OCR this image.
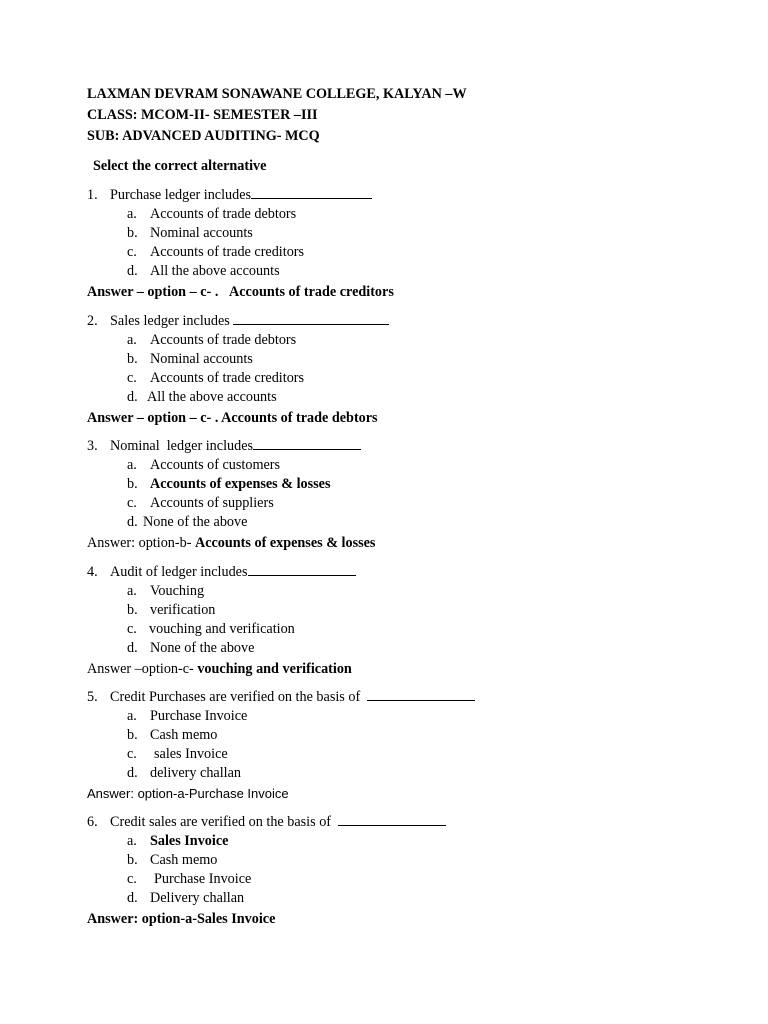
LAXMAN DEVRAM SONAWANE COLLEGE, KALYAN –W
CLASS: MCOM-II- SEMESTER –III
SUB: ADVANCED AUDITING- MCQ
Select the correct alternative
1. Purchase ledger includes
a. Accounts of trade debtors
b. Nominal accounts
c. Accounts of trade creditors
d. All the above accounts
Answer – option – c- . Accounts of trade creditors
2. Sales ledger includes
a. Accounts of trade debtors
b. Nominal accounts
c. Accounts of trade creditors
d. All the above accounts
Answer – option – c- . Accounts of trade debtors
3. Nominal  ledger includes
a. Accounts of customers
b. Accounts of expenses & losses
c. Accounts of suppliers
d. None of the above
Answer: option-b- Accounts of expenses & losses
4. Audit of ledger includes
a. Vouching
b. verification
c. vouching and verification
d. None of the above
Answer –option-c- vouching and verification
5. Credit Purchases are verified on the basis of
a. Purchase Invoice
b. Cash memo
c. sales Invoice
d. delivery challan
Answer: option-a-Purchase Invoice
6. Credit sales are verified on the basis of
a. Sales Invoice
b. Cash memo
c. Purchase Invoice
d. Delivery challan
Answer: option-a-Sales Invoice
